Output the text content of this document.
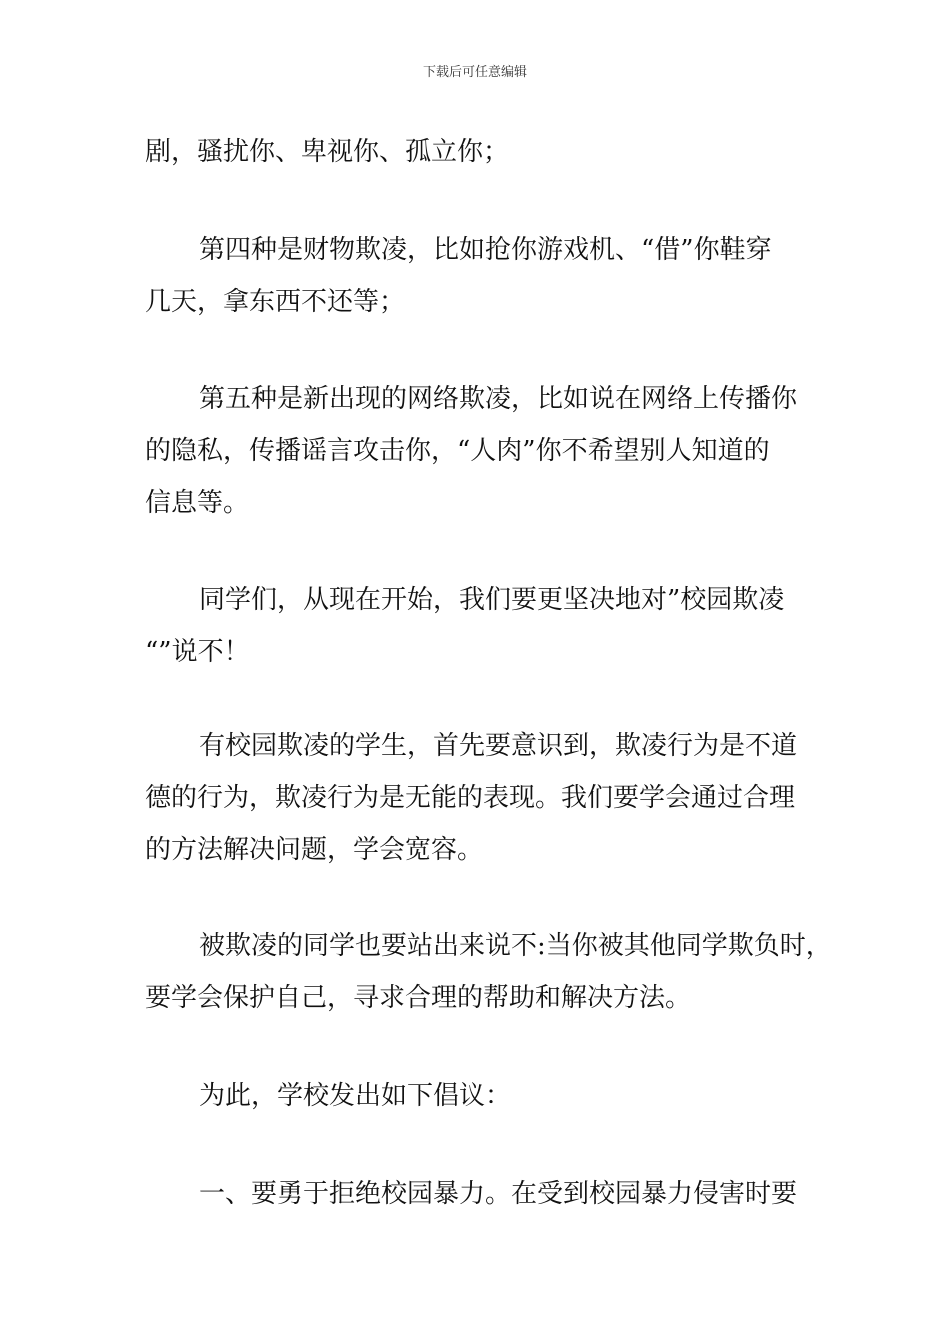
下载后可任意编辑
剧，骚扰你、卑视你、孤立你；
第四种是财物欺凌，比如抢你游戏机、“借”你鞋穿
几天，拿东西不还等；
第五种是新出现的网络欺凌，比如说在网络上传播你
的隐私，传播谣言攻击你，“人肉”你不希望别人知道的
信息等。
同学们，从现在开始，我们要更坚决地对”校园欺凌
“”说不！
有校园欺凌的学生，首先要意识到，欺凌行为是不道
德的行为，欺凌行为是无能的表现。我们要学会通过合理
的方法解决问题，学会宽容。
被欺凌的同学也要站出来说不:当你被其他同学欺负时，
要学会保护自己，寻求合理的帮助和解决方法。
为此，学校发出如下倡议：
一、要勇于拒绝校园暴力。在受到校园暴力侵害时要
